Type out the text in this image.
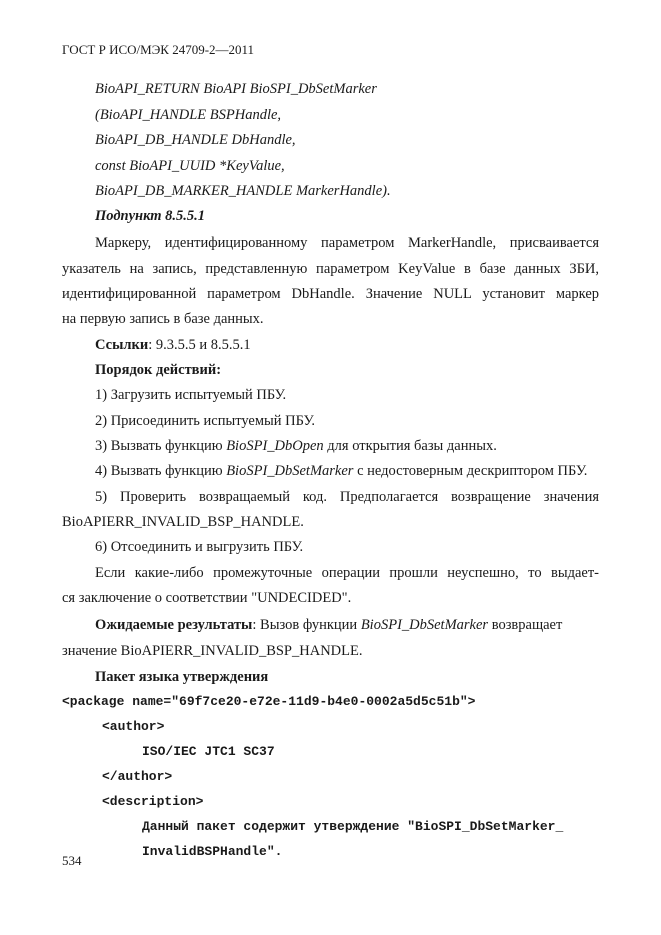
ГОСТ Р ИСО/МЭК 24709-2—2011
BioAPI_RETURN BioAPI BioSPI_DbSetMarker
(BioAPI_HANDLE BSPHandle,
BioAPI_DB_HANDLE DbHandle,
const BioAPI_UUID *KeyValue,
BioAPI_DB_MARKER_HANDLE MarkerHandle).
Подпункт 8.5.5.1
Маркеру, идентифицированному параметром MarkerHandle, присваивается
указатель на запись, представленную параметром KeyValue в базе данных ЗБИ,
идентифицированной параметром DbHandle. Значение NULL установит маркер
на первую запись в базе данных.
Ссылки: 9.3.5.5 и 8.5.5.1
Порядок действий:
1) Загрузить испытуемый ПБУ.
2) Присоединить испытуемый ПБУ.
3) Вызвать функцию BioSPI_DbOpen для открытия базы данных.
4) Вызвать функцию BioSPI_DbSetMarker с недостоверным дескриптором ПБУ.
5) Проверить возвращаемый код. Предполагается возвращение значения
BioAPIERR_INVALID_BSP_HANDLE.
6) Отсоединить и выгрузить ПБУ.
Если какие-либо промежуточные операции прошли неуспешно, то выдает-
ся заключение о соответствии "UNDECIDED".
Ожидаемые результаты: Вызов функции BioSPI_DbSetMarker возвращает
значение BioAPIERR_INVALID_BSP_HANDLE.
Пакет языка утверждения
<package name="69f7ce20-e72e-11d9-b4e0-0002a5d5c51b">
<author>
ISO/IEC JTC1 SC37
</author>
<description>
Данный пакет содержит утверждение "BioSPI_DbSetMarker_
InvalidBSPHandle".
534
